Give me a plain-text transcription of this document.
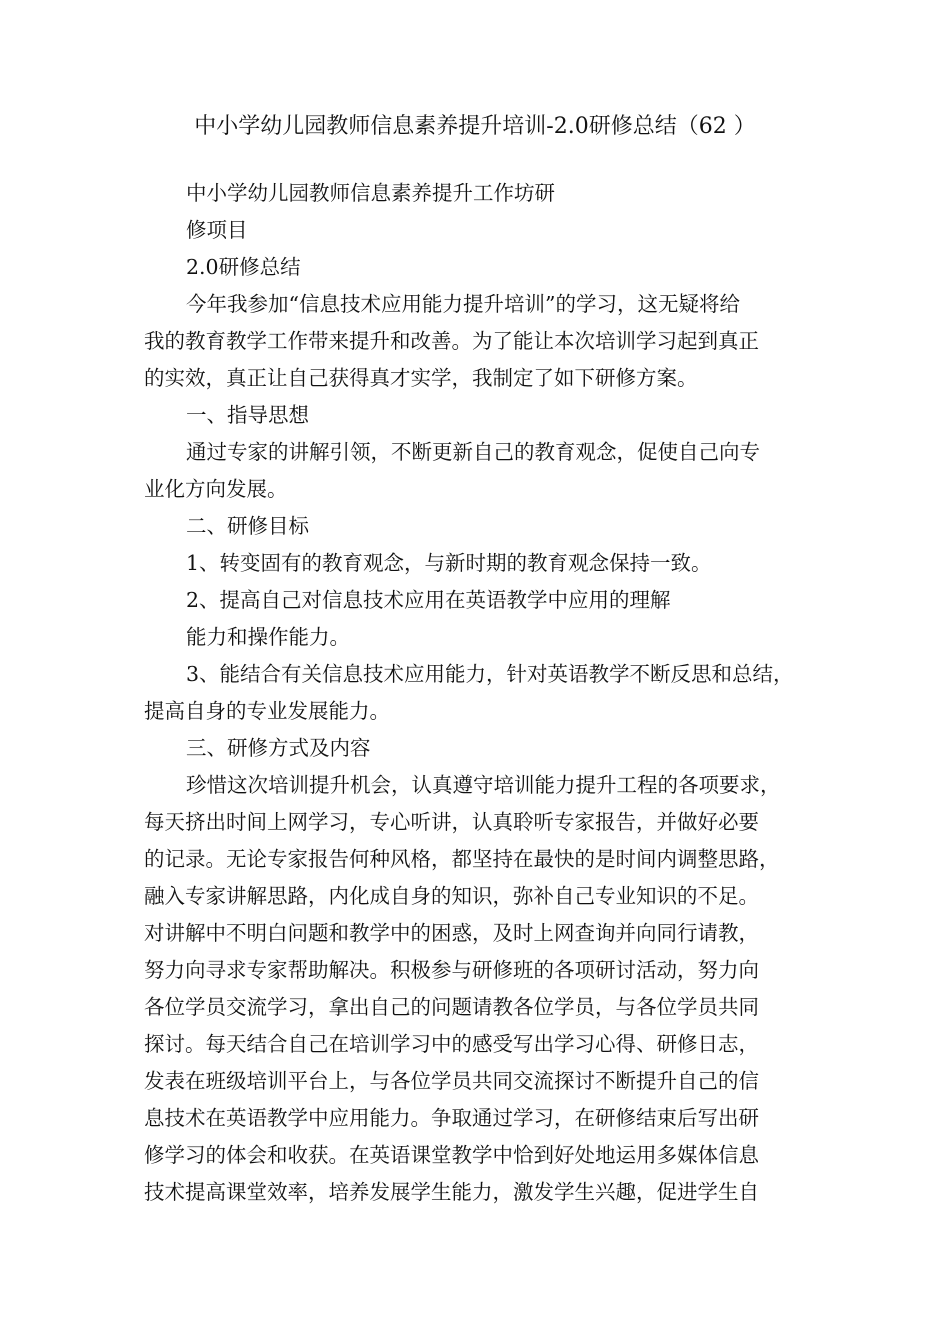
中小学幼儿园教师信息素养提升培训-2.0研修总结（62 ）
中小学幼儿园教师信息素养提升工作坊研
修项目
2.0研修总结
今年我参加“信息技术应用能力提升培训”的学习，这无疑将给
我的教育教学工作带来提升和改善。为了能让本次培训学习起到真正
的实效，真正让自己获得真才实学，我制定了如下研修方案。
一、指导思想
通过专家的讲解引领，不断更新自己的教育观念，促使自己向专
业化方向发展。
二、研修目标
1、转变固有的教育观念，与新时期的教育观念保持一致。
2、提高自己对信息技术应用在英语教学中应用的理解
能力和操作能力。
3、能结合有关信息技术应用能力，针对英语教学不断反思和总结，
提高自身的专业发展能力。
三、研修方式及内容
珍惜这次培训提升机会，认真遵守培训能力提升工程的各项要求，
每天挤出时间上网学习，专心听讲，认真聆听专家报告，并做好必要
的记录。无论专家报告何种风格，都坚持在最快的是时间内调整思路，
融入专家讲解思路，内化成自身的知识，弥补自己专业知识的不足。
对讲解中不明白问题和教学中的困惑，及时上网查询并向同行请教，
努力向寻求专家帮助解决。积极参与研修班的各项研讨活动，努力向
各位学员交流学习，拿出自己的问题请教各位学员，与各位学员共同
探讨。每天结合自己在培训学习中的感受写出学习心得、研修日志，
发表在班级培训平台上，与各位学员共同交流探讨不断提升自己的信
息技术在英语教学中应用能力。争取通过学习，在研修结束后写出研
修学习的体会和收获。在英语课堂教学中恰到好处地运用多媒体信息
技术提高课堂效率，培养发展学生能力，激发学生兴趣，促进学生自
